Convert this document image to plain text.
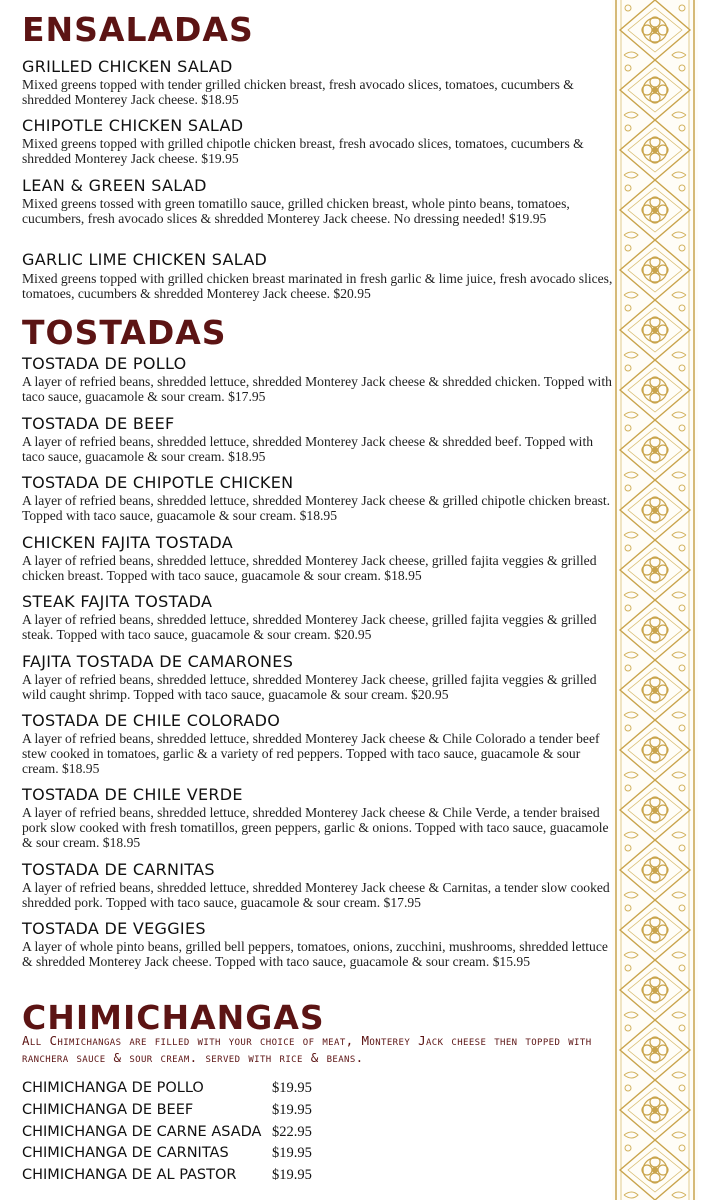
ENSALADAS
GRILLED CHICKEN SALAD
Mixed greens topped with tender grilled chicken breast, fresh avocado slices, tomatoes, cucumbers & shredded Monterey Jack cheese. $18.95
CHIPOTLE CHICKEN SALAD
Mixed greens topped with grilled chipotle chicken breast, fresh avocado slices, tomatoes, cucumbers & shredded Monterey Jack cheese. $19.95
LEAN & GREEN SALAD
Mixed greens tossed with green tomatillo sauce, grilled chicken breast, whole pinto beans, tomatoes, cucumbers, fresh avocado slices & shredded Monterey Jack cheese. No dressing needed! $19.95
GARLIC LIME CHICKEN SALAD
Mixed greens topped with grilled chicken breast marinated in fresh garlic & lime juice, fresh avocado slices, tomatoes, cucumbers & shredded Monterey Jack cheese. $20.95
TOSTADAS
TOSTADA DE POLLO
A layer of refried beans, shredded lettuce, shredded Monterey Jack cheese & shredded chicken. Topped with taco sauce, guacamole & sour cream. $17.95
TOSTADA DE BEEF
A layer of refried beans, shredded lettuce, shredded Monterey Jack cheese & shredded beef. Topped with taco sauce, guacamole & sour cream. $18.95
TOSTADA DE CHIPOTLE CHICKEN
A layer of refried beans, shredded lettuce, shredded Monterey Jack cheese & grilled chipotle chicken breast. Topped with taco sauce, guacamole & sour cream. $18.95
CHICKEN FAJITA TOSTADA
A layer of refried beans, shredded lettuce, shredded Monterey Jack cheese, grilled fajita veggies & grilled chicken breast. Topped with taco sauce, guacamole & sour cream. $18.95
STEAK FAJITA TOSTADA
A layer of refried beans, shredded lettuce, shredded Monterey Jack cheese, grilled fajita veggies & grilled steak. Topped with taco sauce, guacamole & sour cream. $20.95
FAJITA TOSTADA DE CAMARONES
A layer of refried beans, shredded lettuce, shredded Monterey Jack cheese, grilled fajita veggies & grilled wild caught shrimp. Topped with taco sauce, guacamole & sour cream. $20.95
TOSTADA DE CHILE COLORADO
A layer of refried beans, shredded lettuce, shredded Monterey Jack cheese & Chile Colorado a tender beef stew cooked in tomatoes, garlic & a variety of red peppers. Topped with taco sauce, guacamole & sour cream. $18.95
TOSTADA DE CHILE VERDE
A layer of refried beans, shredded lettuce, shredded Monterey Jack cheese & Chile Verde, a tender braised pork slow cooked with fresh tomatillos, green peppers, garlic & onions. Topped with taco sauce, guacamole & sour cream. $18.95
TOSTADA DE CARNITAS
A layer of refried beans, shredded lettuce, shredded Monterey Jack cheese & Carnitas, a tender slow cooked shredded pork. Topped with taco sauce, guacamole & sour cream. $17.95
TOSTADA DE VEGGIES
A layer of whole pinto beans, grilled bell peppers, tomatoes, onions, zucchini, mushrooms, shredded lettuce & shredded Monterey Jack cheese. Topped with taco sauce, guacamole & sour cream. $15.95
CHIMICHANGAS
All Chimichangas are filled with your choice of meat, Monterey Jack cheese then topped with ranchera sauce & sour cream. served with rice & beans.
CHIMICHANGA DE POLLO	$19.95
CHIMICHANGA DE BEEF	$19.95
CHIMICHANGA DE CARNE ASADA $22.95
CHIMICHANGA DE CARNITAS	$19.95
CHIMICHANGA DE AL PASTOR $19.95
